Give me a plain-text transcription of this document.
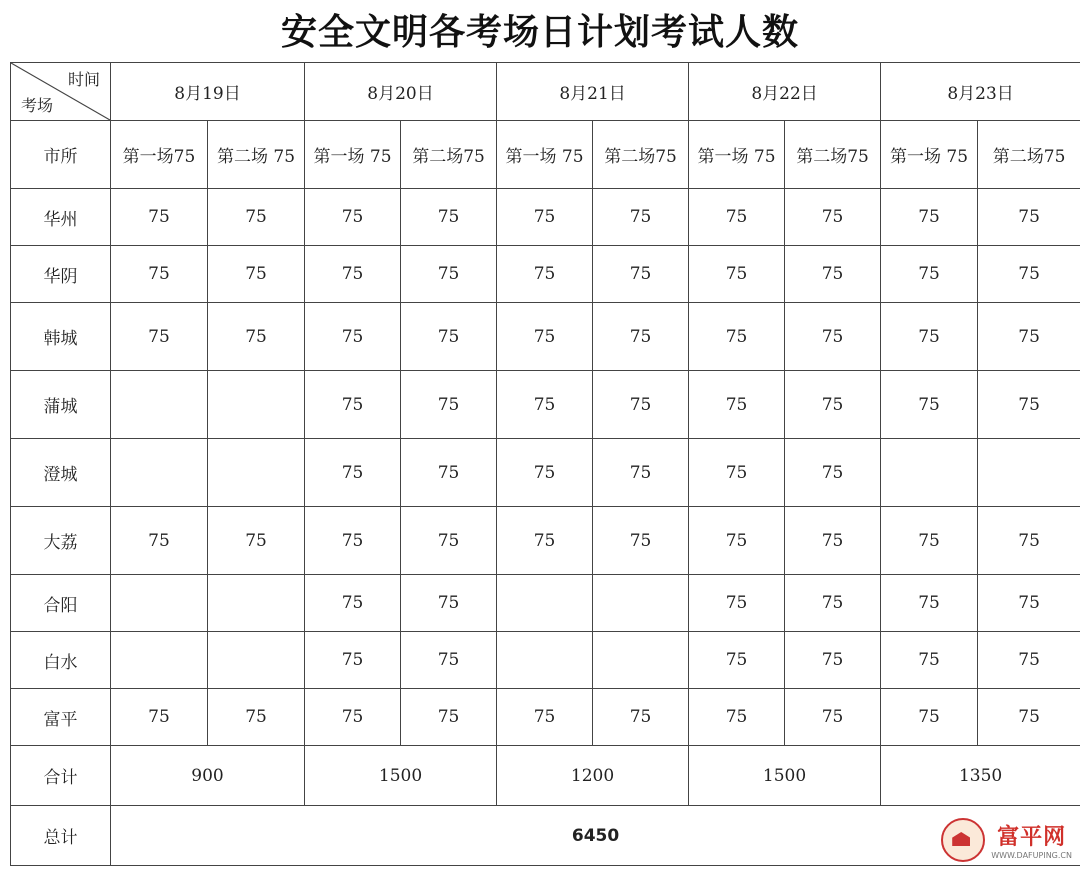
安全文明各考场日计划考试人数
时间
考场	8月19日		8月20日		8月21日		8月22日		8月23日	
市所	第一场75	第二场 75	第一场 75	第二场75	第一场 75	第二场75	第一场 75	第二场75	第一场 75	第二场75
华州	75	75	75	75	75	75	75	75	75	75
华阴	75	75	75	75	75	75	75	75	75	75
韩城	75	75	75	75	75	75	75	75	75	75
蒲城			75	75	75	75	75	75	75	75
澄城			75	75	75	75	75	75		
大荔	75	75	75	75	75	75	75	75	75	75
合阳			75	75			75	75	75	75
白水			75	75			75	75	75	75
富平	75	75	75	75	75	75	75	75	75	75
合计	900		1500		1200		1500		1350	
总计	6450										富平网
WWW.DAFUPING.CN
